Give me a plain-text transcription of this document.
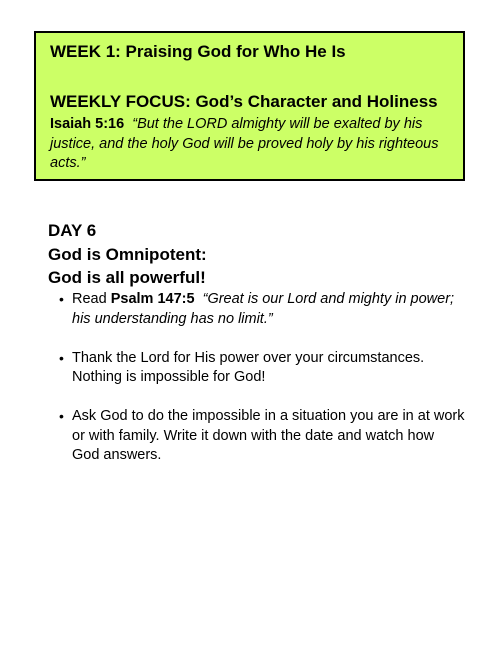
WEEK 1: Praising God for Who He Is
WEEKLY FOCUS: God’s Character and Holiness
Isaiah 5:16 “But the LORD almighty will be exalted by his justice, and the holy God will be proved holy by his righteous acts.”
DAY 6
God is Omnipotent:
God is all powerful!
• Read Psalm 147:5 “Great is our Lord and mighty in power; his understanding has no limit.”
• Thank the Lord for His power over your circumstances. Nothing is impossible for God!
• Ask God to do the impossible in a situation you are in at work or with family. Write it down with the date and watch how God answers.
